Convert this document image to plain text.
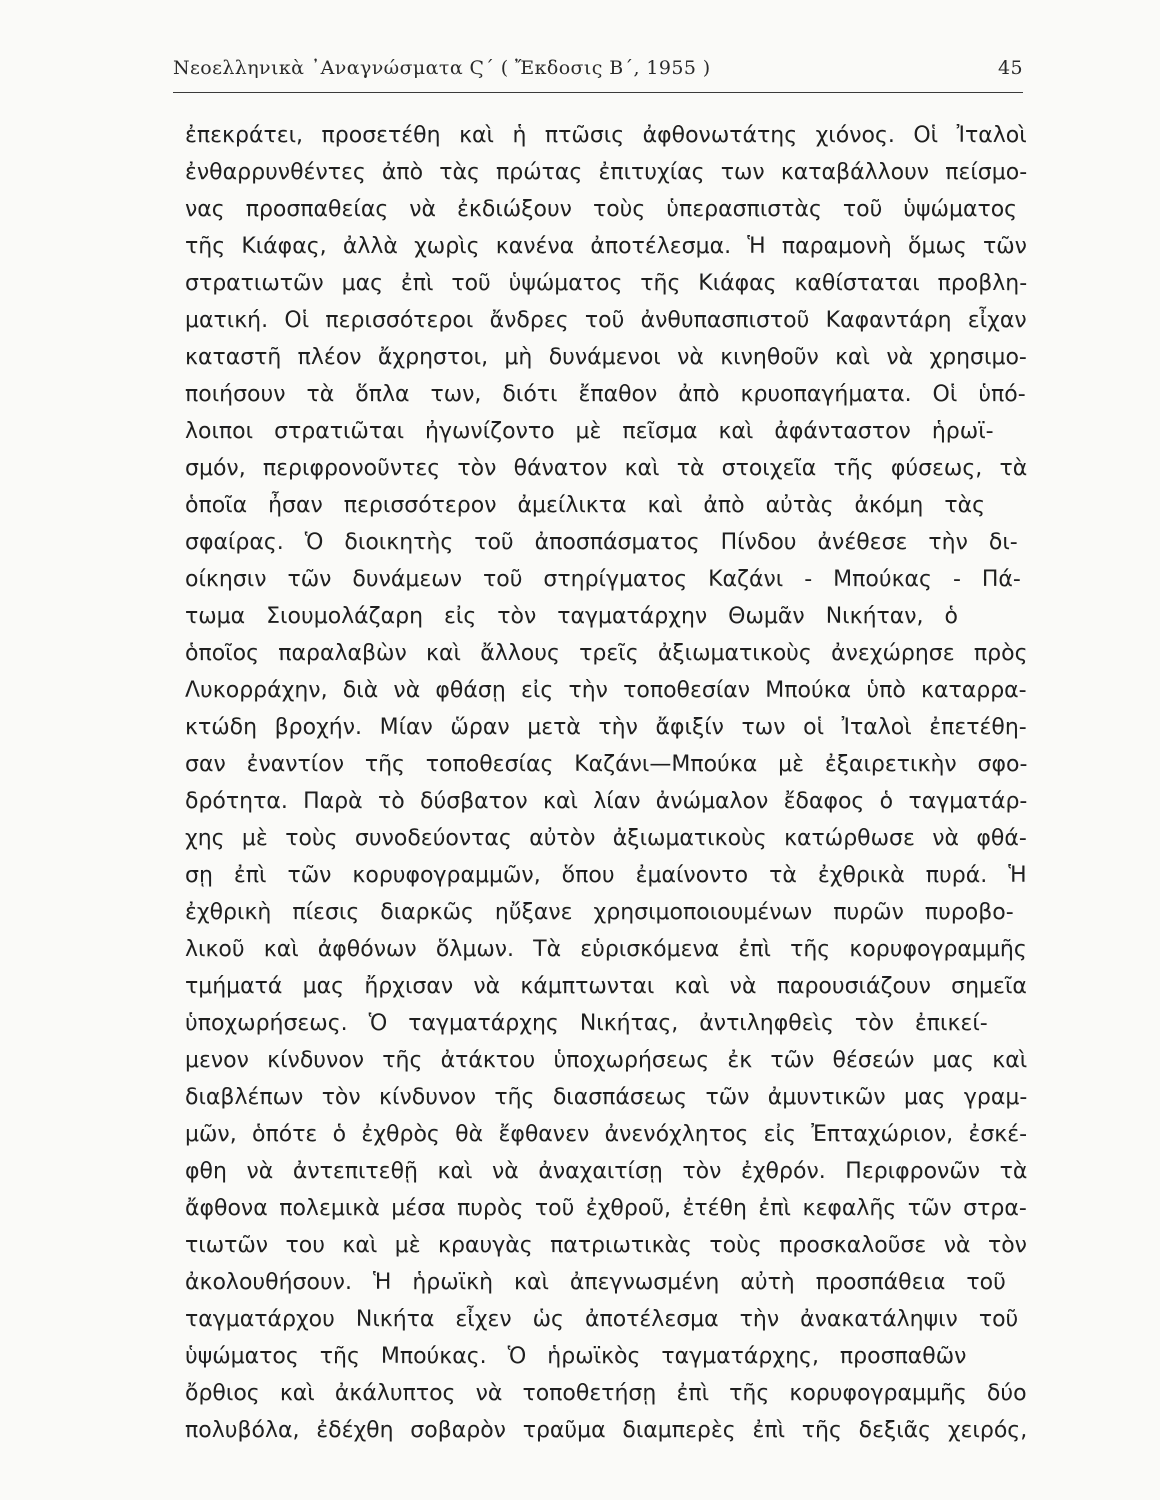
Νεοελληνικὰ ᾿Αναγνώσματα Ϛ΄ ( Ἔκδοσις Β΄, 1955 )	45
ἐπεκράτει, προσετέθη καὶ ἡ πτῶσις ἀφθονωτάτης χιόνος. Οἱ Ἰταλοὶ
ἐνθαρρυνθέντες ἀπὸ τὰς πρώτας ἐπιτυχίας των καταβάλλουν πείσμο-
νας προσπαθείας νὰ ἐκδιώξουν τοὺς ὑπερασπιστὰς τοῦ ὑψώματος
τῆς Κιάφας, ἀλλὰ χωρὶς κανένα ἀποτέλεσμα. Ἡ παραμονὴ ὅμως τῶν
στρατιωτῶν μας ἐπὶ τοῦ ὑψώματος τῆς Κιάφας καθίσταται προβλη-
ματική. Οἱ περισσότεροι ἄνδρες τοῦ ἀνθυπασπιστοῦ Καφαντάρη εἶχαν
καταστῆ πλέον ἄχρηστοι, μὴ δυνάμενοι νὰ κινηθοῦν καὶ νὰ χρησιμο-
ποιήσουν τὰ ὅπλα των, διότι ἔπαθον ἀπὸ κρυοπαγήματα. Οἱ ὑπό-
λοιποι στρατιῶται ἠγωνίζοντο μὲ πεῖσμα καὶ ἀφάνταστον ἡρωϊ-
σμόν, περιφρονοῦντες τὸν θάνατον καὶ τὰ στοιχεῖα τῆς φύσεως, τὰ
ὁποῖα ἦσαν περισσότερον ἀμείλικτα καὶ ἀπὸ αὐτὰς ἀκόμη τὰς
σφαίρας. Ὁ διοικητὴς τοῦ ἀποσπάσματος Πίνδου ἀνέθεσε τὴν δι-
οίκησιν τῶν δυνάμεων τοῦ στηρίγματος Καζάνι - Μπούκας - Πά-
τωμα Σιουμολάζαρη εἰς τὸν ταγματάρχην Θωμᾶν Νικήταν, ὁ
ὁποῖος παραλαβὼν καὶ ἄλλους τρεῖς ἀξιωματικοὺς ἀνεχώρησε πρὸς
Λυκορράχην, διὰ νὰ φθάσῃ εἰς τὴν τοποθεσίαν Μπούκα ὑπὸ καταρρα-
κτώδη βροχήν. Μίαν ὥραν μετὰ τὴν ἄφιξίν των οἱ Ἰταλοὶ ἐπετέθη-
σαν ἐναντίον τῆς τοποθεσίας Καζάνι—Μπούκα μὲ ἐξαιρετικὴν σφο-
δρότητα. Παρὰ τὸ δύσβατον καὶ λίαν ἀνώμαλον ἔδαφος ὁ ταγματάρ-
χης μὲ τοὺς συνοδεύοντας αὐτὸν ἀξιωματικοὺς κατώρθωσε νὰ φθά-
σῃ ἐπὶ τῶν κορυφογραμμῶν, ὅπου ἐμαίνοντο τὰ ἐχθρικὰ πυρά. Ἡ
ἐχθρικὴ πίεσις διαρκῶς ηὔξανε χρησιμοποιουμένων πυρῶν πυροβο-
λικοῦ καὶ ἀφθόνων ὅλμων. Τὰ εὑρισκόμενα ἐπὶ τῆς κορυφογραμμῆς
τμήματά μας ἤρχισαν νὰ κάμπτωνται καὶ νὰ παρουσιάζουν σημεῖα
ὑποχωρήσεως. Ὁ ταγματάρχης Νικήτας, ἀντιληφθεὶς τὸν ἐπικεί-
μενον κίνδυνον τῆς ἀτάκτου ὑποχωρήσεως ἐκ τῶν θέσεών μας καὶ
διαβλέπων τὸν κίνδυνον τῆς διασπάσεως τῶν ἀμυντικῶν μας γραμ-
μῶν, ὁπότε ὁ ἐχθρὸς θὰ ἔφθανεν ἀνενόχλητος εἰς Ἐπταχώριον, ἐσκέ-
φθη νὰ ἀντεπιτεθῇ καὶ νὰ ἀναχαιτίσῃ τὸν ἐχθρόν. Περιφρονῶν τὰ
ἄφθονα πολεμικὰ μέσα πυρὸς τοῦ ἐχθροῦ, ἐτέθη ἐπὶ κεφαλῆς τῶν στρα-
τιωτῶν του καὶ μὲ κραυγὰς πατριωτικὰς τοὺς προσκαλοῦσε νὰ τὸν
ἀκολουθήσουν. Ἡ ἡρωϊκὴ καὶ ἀπεγνωσμένη αὐτὴ προσπάθεια τοῦ
ταγματάρχου Νικήτα εἶχεν ὡς ἀποτέλεσμα τὴν ἀνακατάληψιν τοῦ
ὑψώματος τῆς Μπούκας. Ὁ ἡρωϊκὸς ταγματάρχης, προσπαθῶν
ὄρθιος καὶ ἀκάλυπτος νὰ τοποθετήσῃ ἐπὶ τῆς κορυφογραμμῆς δύο
πολυβόλα, ἐδέχθη σοβαρὸν τραῦμα διαμπερὲς ἐπὶ τῆς δεξιᾶς χειρός,
